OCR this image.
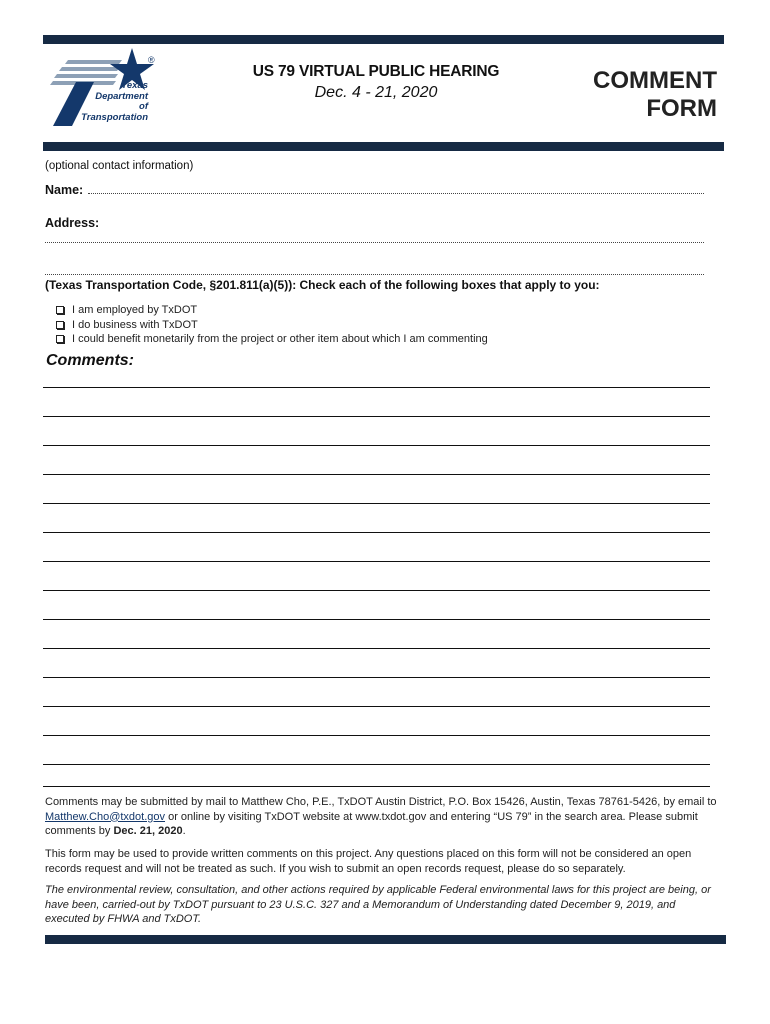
Texas
Department
of Transportation
®
US 79 VIRTUAL PUBLIC HEARING
Dec. 4 - 21, 2020	COMMENT
FORM
(optional contact information)
Name:
Address:
(Texas Transportation Code, §201.811(a)(5)): Check each of the following boxes that apply to you:
I am employed by TxDOT
I do business with TxDOT
I could benefit monetarily from the project or other item about which I am commenting
Comments:
Comments may be submitted by mail to Matthew Cho, P.E., TxDOT Austin District, P.O. Box 15426, Austin, Texas 78761-5426, by email to Matthew.Cho@txdot.gov or online by visiting TxDOT website at www.txdot.gov and entering “US 79” in the search area. Please submit comments by Dec. 21, 2020.
This form may be used to provide written comments on this project. Any questions placed on this form will not be considered an open records request and will not be treated as such. If you wish to submit an open records request, please do so separately.
The environmental review, consultation, and other actions required by applicable Federal environmental laws for this project are being, or have been, carried-out by TxDOT pursuant to 23 U.S.C. 327 and a Memorandum of Understanding dated December 9, 2019, and executed by FHWA and TxDOT.
